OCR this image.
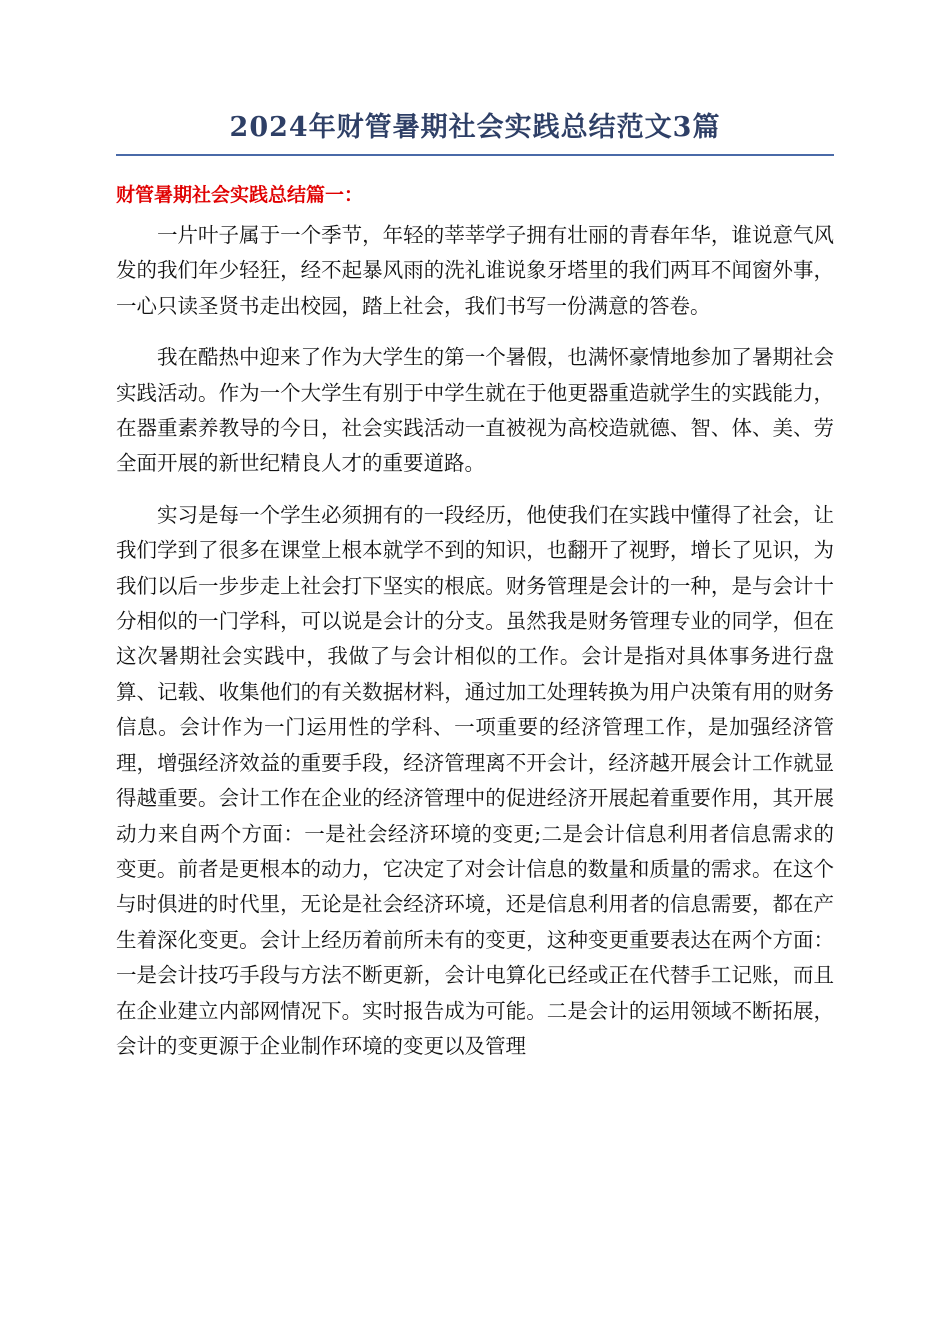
2024年财管暑期社会实践总结范文3篇
财管暑期社会实践总结篇一：

一片叶子属于一个季节，年轻的莘莘学子拥有壮丽的青春年华，谁说意气风发的我们年少轻狂，经不起暴风雨的洗礼谁说象牙塔里的我们两耳不闻窗外事，一心只读圣贤书走出校园，踏上社会，我们书写一份满意的答卷。

我在酷热中迎来了作为大学生的第一个暑假，也满怀豪情地参加了暑期社会实践活动。作为一个大学生有别于中学生就在于他更器重造就学生的实践能力，在器重素养教导的今日，社会实践活动一直被视为高校造就德、智、体、美、劳全面开展的新世纪精良人才的重要道路。

实习是每一个学生必须拥有的一段经历，他使我们在实践中懂得了社会，让我们学到了很多在课堂上根本就学不到的知识，也翻开了视野，增长了见识，为我们以后一步步走上社会打下坚实的根底。财务管理是会计的一种，是与会计十分相似的一门学科，可以说是会计的分支。虽然我是财务管理专业的同学，但在这次暑期社会实践中，我做了与会计相似的工作。会计是指对具体事务进行盘算、记载、收集他们的有关数据材料，通过加工处理转换为用户决策有用的财务信息。会计作为一门运用性的学科、一项重要的经济管理工作，是加强经济管理，增强经济效益的重要手段，经济管理离不开会计，经济越开展会计工作就显得越重要。会计工作在企业的经济管理中的促进经济开展起着重要作用，其开展动力来自两个方面：一是社会经济环境的变更;二是会计信息利用者信息需求的变更。前者是更根本的动力，它决定了对会计信息的数量和质量的需求。在这个与时俱进的时代里，无论是社会经济环境，还是信息利用者的信息需要，都在产生着深化变更。会计上经历着前所未有的变更，这种变更重要表达在两个方面：一是会计技巧手段与方法不断更新，会计电算化已经或正在代替手工记账，而且在企业建立内部网情况下。实时报告成为可能。二是会计的运用领域不断拓展，会计的变更源于企业制作环境的变更以及管理
